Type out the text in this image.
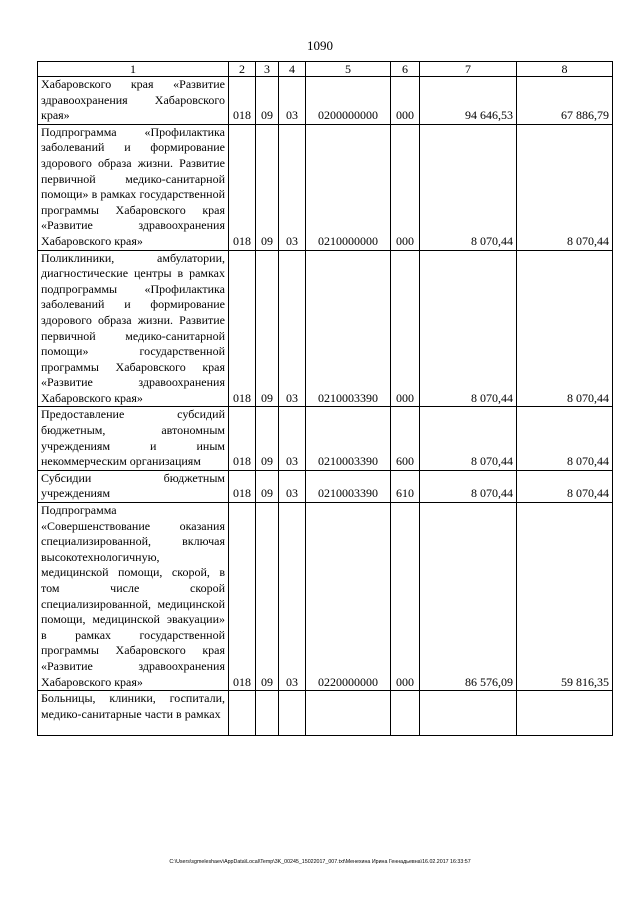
1090
1	2	3	4	5	6	7	8
Хабаровского края «Развитие здравоохранения Хабаровского края»	018	09	03	0200000000	000	94 646,53	67 886,79
Подпрограмма «Профилактика заболеваний и формирование здорового образа жизни. Развитие первичной медико-санитарной помощи» в рамках государственной программы Хабаровского края «Развитие здравоохранения Хабаровского края»	018	09	03	0210000000	000	8 070,44	8 070,44
Поликлиники, амбулатории, диагностические центры в рамках подпрограммы «Профилактика заболеваний и формирование здорового образа жизни. Развитие первичной медико-санитарной помощи» государственной программы Хабаровского края «Развитие здравоохранения Хабаровского края»	018	09	03	0210003390	000	8 070,44	8 070,44
Предоставление субсидий бюджетным, автономным учреждениям и иным некоммерческим организациям	018	09	03	0210003390	600	8 070,44	8 070,44
Субсидии бюджетным учреждениям	018	09	03	0210003390	610	8 070,44	8 070,44
Подпрограмма «Совершенствование оказания специализированной, включая высокотехнологичную, медицинской помощи, скорой, в том числе скорой специализированной, медицинской помощи, медицинской эвакуации» в рамках государственной программы Хабаровского края «Развитие здравоохранения Хабаровского края»	018	09	03	0220000000	000	86 576,09	59 816,35
Больницы, клиники, госпитали, медико-санитарные части в рамках							
C:\Users\sgmeleshaev\AppData\Local\Temp\3K_00245_15022017_007.txt\Менехина Ирина Геннадьевна\16.02.2017 16:33:57
